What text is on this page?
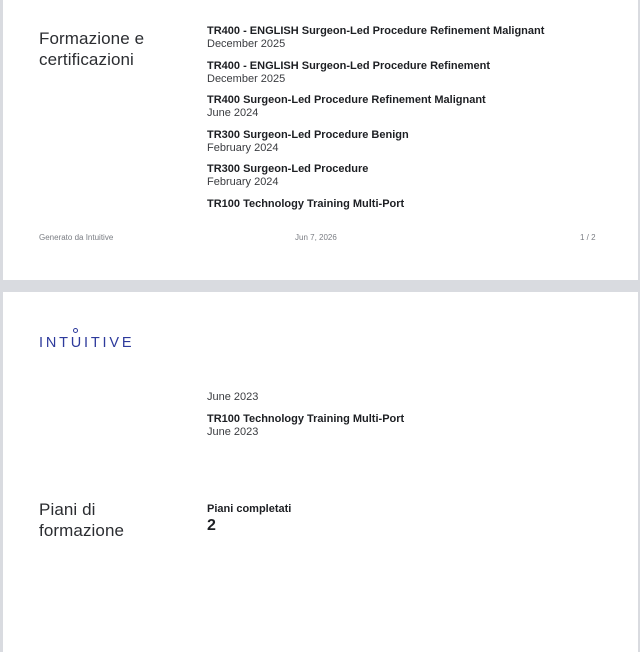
Formazione e
certificazioni
TR400 - ENGLISH Surgeon-Led Procedure Refinement Malignant
December 2025
TR400 - ENGLISH Surgeon-Led Procedure Refinement
December 2025
TR400 Surgeon-Led Procedure Refinement Malignant
June 2024
TR300 Surgeon-Led Procedure Benign
February 2024
TR300 Surgeon-Led Procedure
February 2024
TR100 Technology Training Multi-Port
Generato da Intuitive	Jun 7, 2026	1 / 2
INTUITIVE
June 2023
TR100 Technology Training Multi-Port
June 2023
Piani di
formazione
Piani completati
2
